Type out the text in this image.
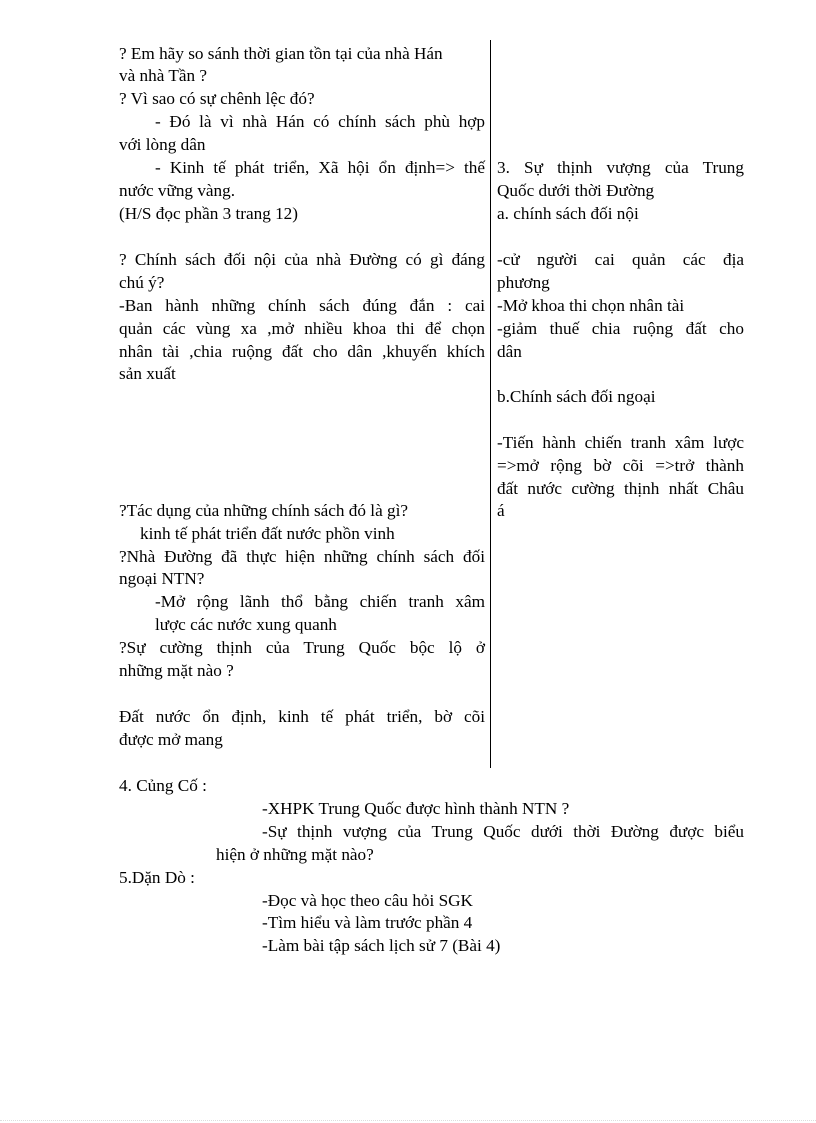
? Em hãy so sánh thời gian tồn tại của nhà Hán
và nhà Tần ?
? Vì sao có sự chênh lệc đó?
- Đó là vì nhà Hán có chính sách phù hợp
với lòng dân
- Kinh tế phát triển, Xã hội ổn định=> thế
nước vững vàng.
(H/S đọc phần 3 trang 12)
? Chính sách đối nội của nhà Đường có gì đáng
chú ý?
-Ban hành những chính sách đúng đắn : cai
quản các vùng xa ,mở nhiều khoa thi để chọn
nhân tài ,chia ruộng đất cho dân ,khuyến khích
sản xuất
?Tác dụng của những chính sách đó là gì?
kinh tế phát triển đất nước phồn vinh
?Nhà Đường đã thực hiện những chính sách đối
ngoại NTN?
-Mở rộng lãnh thổ bằng chiến tranh xâm
lược các nước xung quanh
?Sự cường thịnh của Trung Quốc bộc lộ ở
những mặt nào ?
Đất nước ổn định, kinh tế phát triển, bờ cõi
được mở mang
3. Sự thịnh vượng của Trung
Quốc dưới thời Đường
a. chính sách đối nội
-cử người cai quản các địa
phương
-Mở khoa thi chọn nhân tài
-giảm thuế chia ruộng đất cho
dân
b.Chính sách đối ngoại
-Tiến hành chiến tranh xâm lược
=>mở rộng bờ cõi =>trở thành
đất nước cường thịnh nhất Châu
á
4. Củng Cố :
-XHPK Trung Quốc được hình thành NTN ?
-Sự thịnh vượng của Trung Quốc dưới thời Đường được biểu
hiện ở những mặt nào?
5.Dặn Dò :
-Đọc và học theo câu hỏi SGK
-Tìm hiểu và làm trước phần 4
-Làm bài tập sách lịch sử 7 (Bài 4)
